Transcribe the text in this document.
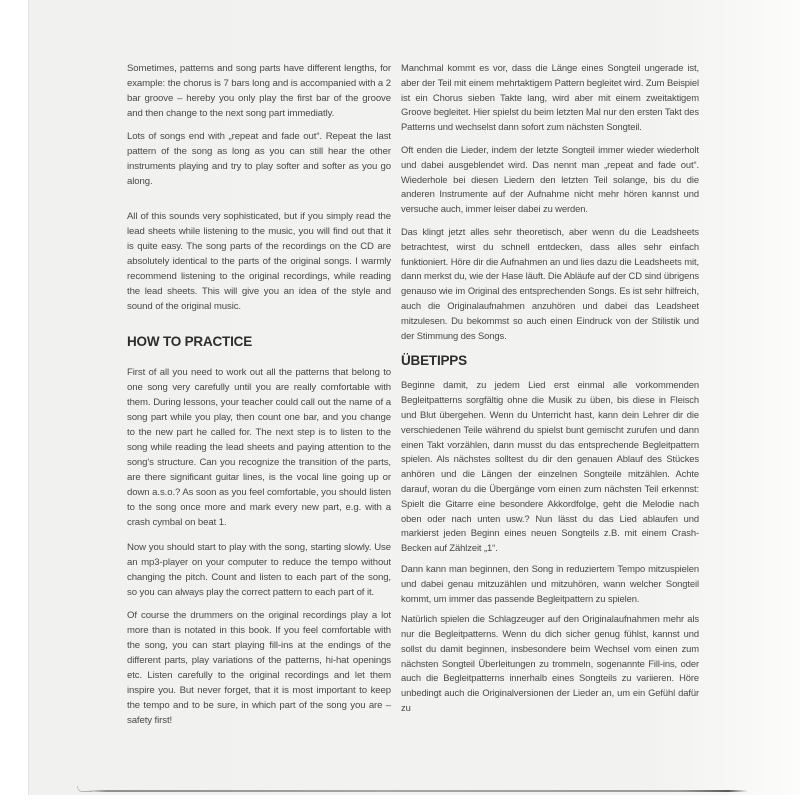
Sometimes, patterns and song parts have different lengths, for example: the chorus is 7 bars long and is accompanied with a 2 bar groove – hereby you only play the first bar of the groove and then change to the next song part immediatly.

Lots of songs end with „repeat and fade out“. Repeat the last pattern of the song as long as you can still hear the other instruments playing and try to play softer and softer as you go along.

All of this sounds very sophisticated, but if you simply read the lead sheets while listening to the music, you will find out that it is quite easy. The song parts of the recordings on the CD are absolutely identical to the parts of the original songs. I warmly recommend listening to the original recordings, while reading the lead sheets. This will give you an idea of the style and sound of the original music.

HOW TO PRACTICE

First of all you need to work out all the patterns that belong to one song very carefully until you are really comfortable with them. During lessons, your teacher could call out the name of a song part while you play, then count one bar, and you change to the new part he called for. The next step is to listen to the song while reading the lead sheets and paying attention to the song's structure. Can you recognize the transition of the parts, are there significant guitar lines, is the vocal line going up or down a.s.o.? As soon as you feel comfortable, you should listen to the song once more and mark every new part, e.g. with a crash cymbal on beat 1.

Now you should start to play with the song, starting slowly. Use an mp3-player on your computer to reduce the tempo without changing the pitch. Count and listen to each part of the song, so you can always play the correct pattern to each part of it.

Of course the drummers on the original recordings play a lot more than is notated in this book. If you feel comfortable with the song, you can start playing fill-ins at the endings of the different parts, play variations of the patterns, hi-hat openings etc. Listen carefully to the original recordings and let them inspire you. But never forget, that it is most important to keep the tempo and to be sure, in which part of the song you are – safety first!

Manchmal kommt es vor, dass die Länge eines Songteil ungerade ist, aber der Teil mit einem mehrtaktigem Pattern begleitet wird. Zum Beispiel ist ein Chorus sieben Takte lang, wird aber mit einem zweitaktigem Groove begleitet. Hier spielst du beim letzten Mal nur den ersten Takt des Patterns und wechselst dann sofort zum nächsten Songteil.

Oft enden die Lieder, indem der letzte Songteil immer wieder wiederholt und dabei ausgeblendet wird. Das nennt man „repeat and fade out“. Wiederhole bei diesen Liedern den letzten Teil solange, bis du die anderen Instrumente auf der Aufnahme nicht mehr hören kannst und versuche auch, immer leiser dabei zu werden.

Das klingt jetzt alles sehr theoretisch, aber wenn du die Leadsheets betrachtest, wirst du schnell entdecken, dass alles sehr einfach funktioniert. Höre dir die Aufnahmen an und lies dazu die Leadsheets mit, dann merkst du, wie der Hase läuft. Die Abläufe auf der CD sind übrigens genauso wie im Original des entsprechenden Songs. Es ist sehr hilfreich, auch die Originalaufnahmen anzuhören und dabei das Leadsheet mitzulesen. Du bekommst so auch einen Eindruck von der Stilistik und der Stimmung des Songs.

ÜBETIPPS

Beginne damit, zu jedem Lied erst einmal alle vorkommenden Begleitpatterns sorgfältig ohne die Musik zu üben, bis diese in Fleisch und Blut übergehen. Wenn du Unterricht hast, kann dein Lehrer dir die verschiedenen Teile während du spielst bunt gemischt zurufen und dann einen Takt vorzählen, dann musst du das entsprechende Begleitpattern spielen. Als nächstes solltest du dir den genauen Ablauf des Stückes anhören und die Längen der einzelnen Songteile mitzählen. Achte darauf, woran du die Übergänge vom einen zum nächsten Teil erkennst: Spielt die Gitarre eine besondere Akkordfolge, geht die Melodie nach oben oder nach unten usw.? Nun lässt du das Lied ablaufen und markierst jeden Beginn eines neuen Songteils z.B. mit einem Crash-Becken auf Zählzeit „1“.

Dann kann man beginnen, den Song in reduziertem Tempo mitzuspielen und dabei genau mitzuzählen und mitzuhören, wann welcher Songteil kommt, um immer das passende Begleitpattern zu spielen.

Natürlich spielen die Schlagzeuger auf den Originalaufnahmen mehr als nur die Begleitpatterns. Wenn du dich sicher genug fühlst, kannst und sollst du damit beginnen, insbesondere beim Wechsel vom einen zum nächsten Songteil Überleitungen zu trommeln, sogenannte Fill-ins, oder auch die Begleitpatterns innerhalb eines Songteils zu variieren. Höre unbedingt auch die Originalversionen der Lieder an, um ein Gefühl dafür zu
